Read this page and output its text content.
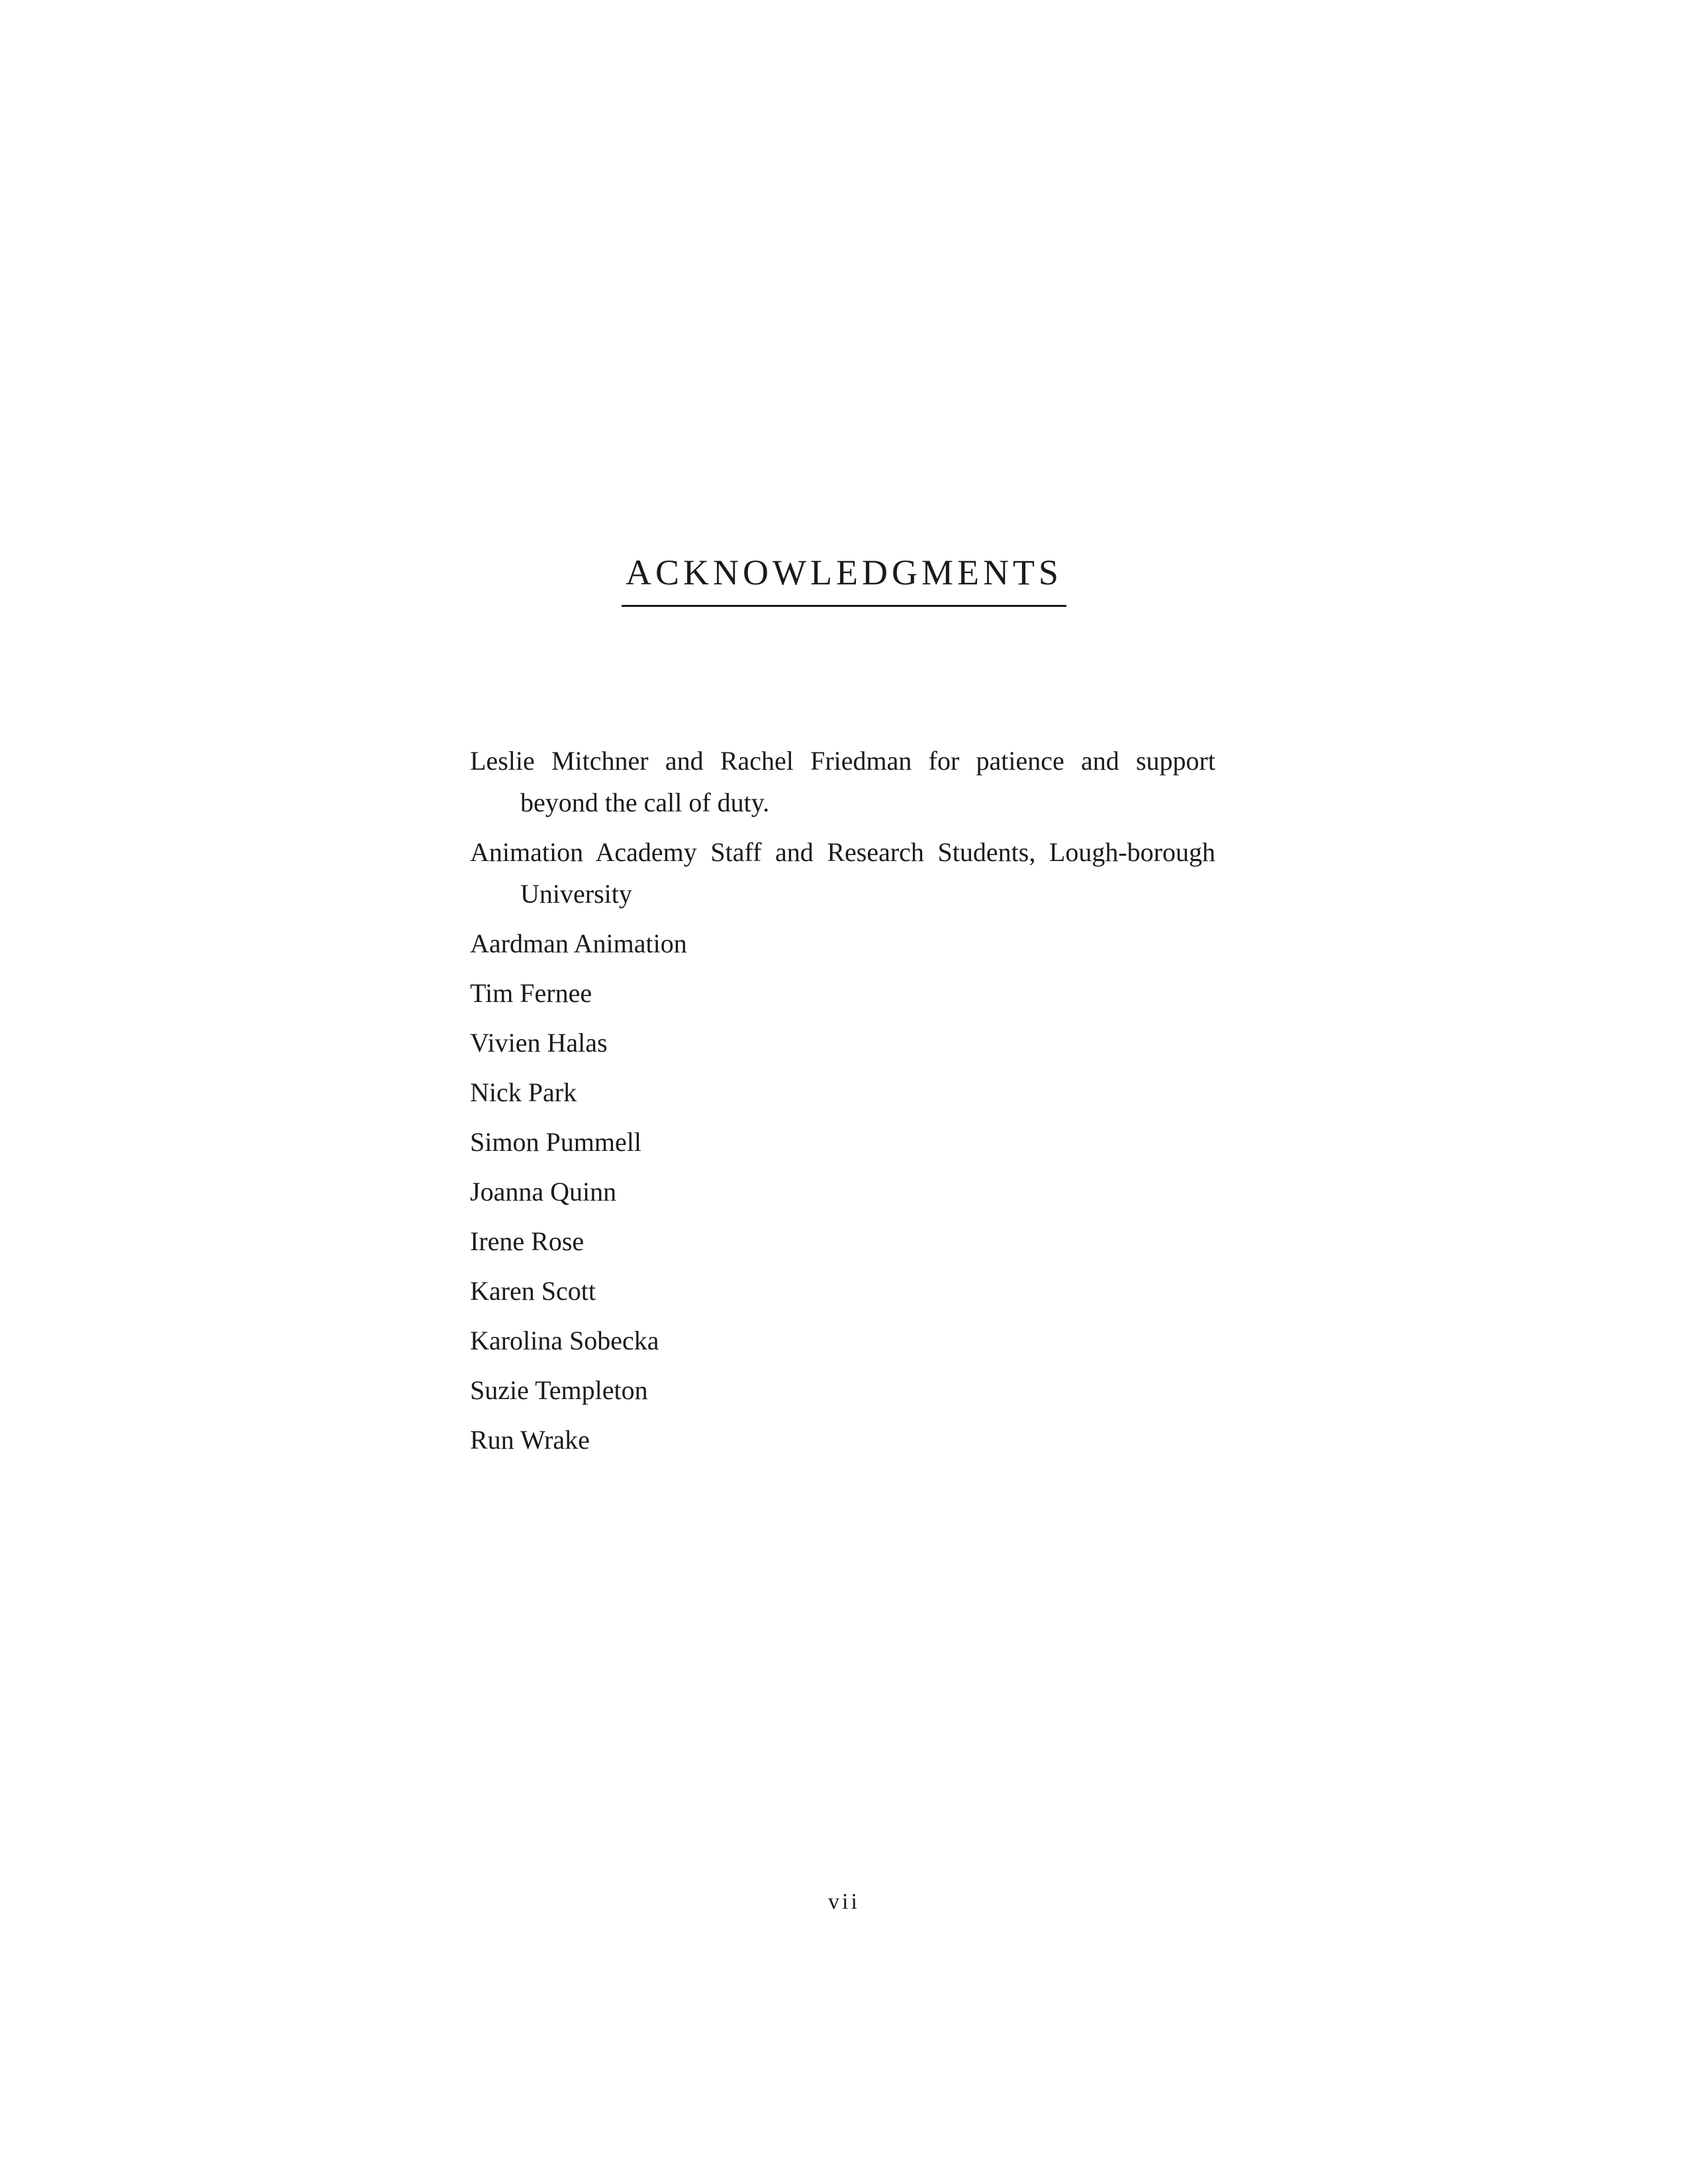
ACKNOWLEDGMENTS
Leslie Mitchner and Rachel Friedman for patience and support beyond the call of duty.
Animation Academy Staff and Research Students, Lough-borough University
Aardman Animation
Tim Fernee
Vivien Halas
Nick Park
Simon Pummell
Joanna Quinn
Irene Rose
Karen Scott
Karolina Sobecka
Suzie Templeton
Run Wrake
vii
